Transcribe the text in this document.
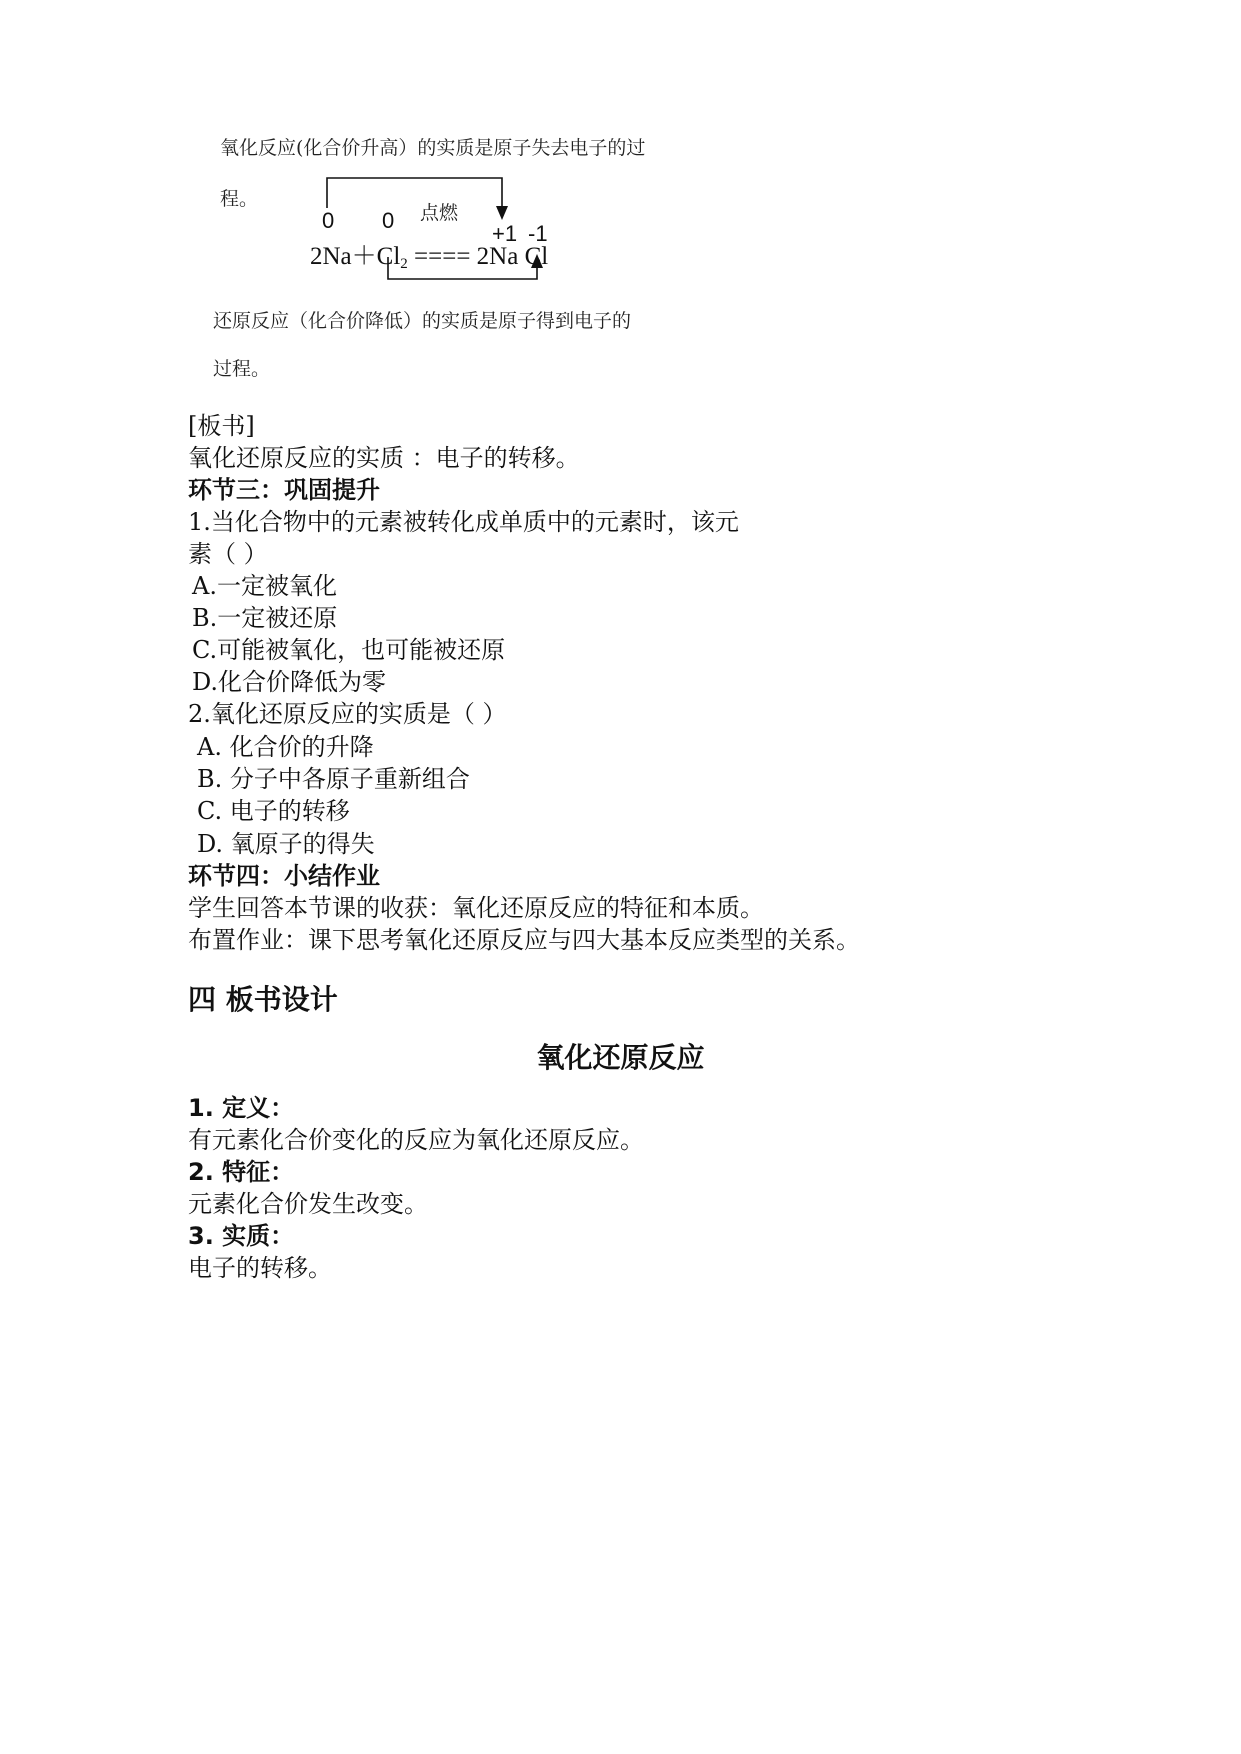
氧化反应(化合价升高）的实质是原子失去电子的过
程。
0 0 点燃
+1 -1
$2Na+Cl_2$ ==== 2Na Cl
还原反应（化合价降低）的实质是原子得到电子的
过程。
[板书]
氧化还原反应的实质 ：电子的转移。
环节三：巩固提升
1.当化合物中的元素被转化成单质中的元素时，该元
素（ ）
A.一定被氧化
B.一定被还原
C.可能被氧化，也可能被还原
D.化合价降低为零
2.氧化还原反应的实质是（ ）
A. 化合价的升降
B. 分子中各原子重新组合
C. 电子的转移
D. 氧原子的得失
环节四：小结作业
学生回答本节课的收获：氧化还原反应的特征和本质。
布置作业：课下思考氧化还原反应与四大基本反应类型的关系。
四 板书设计
氧化还原反应
1. 定义：
有元素化合价变化的反应为氧化还原反应。
2. 特征：
元素化合价发生改变。
3. 实质：
电子的转移。
